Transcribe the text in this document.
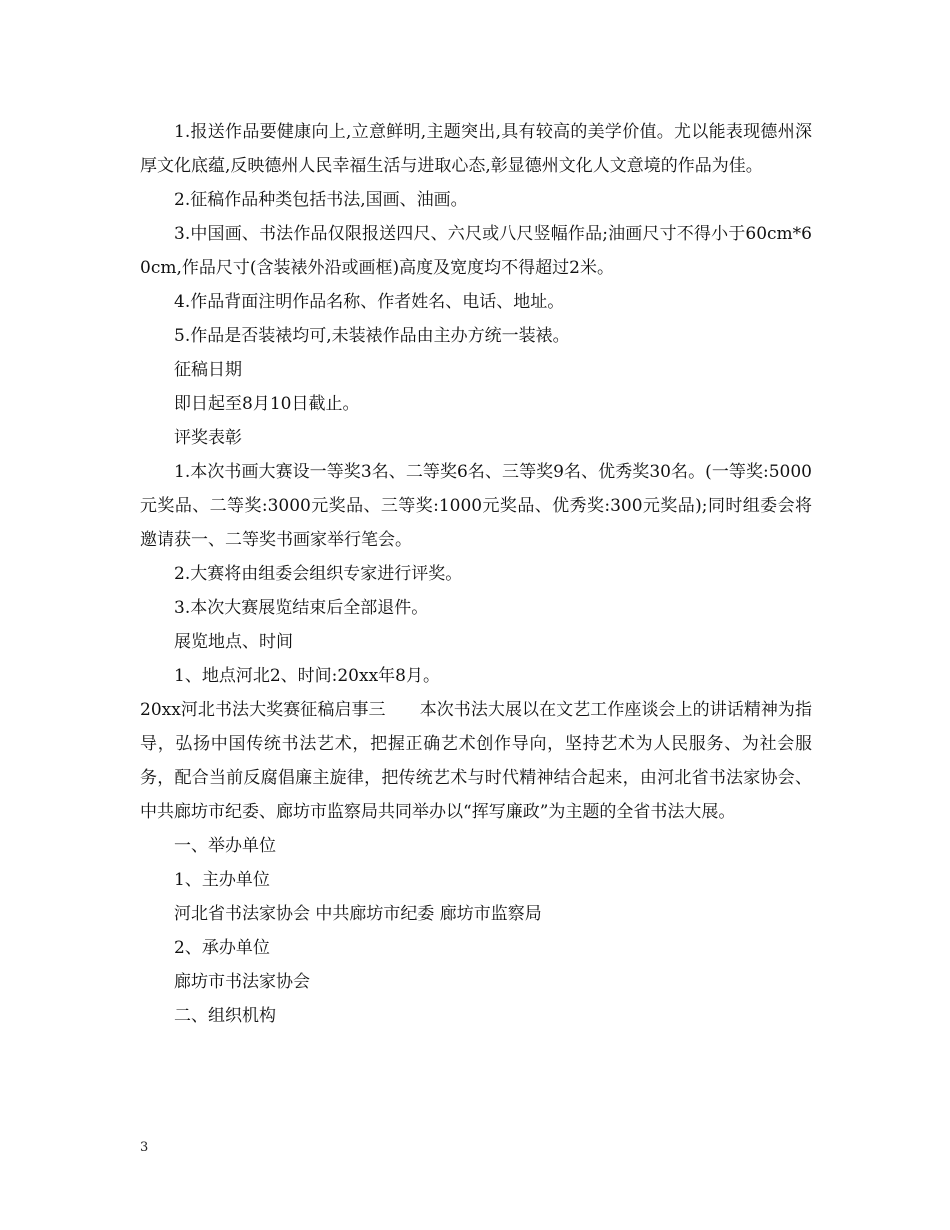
1.报送作品要健康向上,立意鲜明,主题突出,具有较高的美学价值。尤以能表现德州深厚文化底蕴,反映德州人民幸福生活与进取心态,彰显德州文化人文意境的作品为佳。

2.征稿作品种类包括书法,国画、油画。

3.中国画、书法作品仅限报送四尺、六尺或八尺竖幅作品;油画尺寸不得小于60cm*60cm,作品尺寸(含装裱外沿或画框)高度及宽度均不得超过2米。

4.作品背面注明作品名称、作者姓名、电话、地址。

5.作品是否装裱均可,未装裱作品由主办方统一装裱。

征稿日期

即日起至8月10日截止。

评奖表彰

1.本次书画大赛设一等奖3名、二等奖6名、三等奖9名、优秀奖30名。(一等奖:5000元奖品、二等奖:3000元奖品、三等奖:1000元奖品、优秀奖:300元奖品);同时组委会将邀请获一、二等奖书画家举行笔会。

2.大赛将由组委会组织专家进行评奖。

3.本次大赛展览结束后全部退件。

展览地点、时间

1、地点河北2、时间:20xx年8月。

20xx河北书法大奖赛征稿启事三　　本次书法大展以在文艺工作座谈会上的讲话精神为指导，弘扬中国传统书法艺术，把握正确艺术创作导向，坚持艺术为人民服务、为社会服务，配合当前反腐倡廉主旋律，把传统艺术与时代精神结合起来，由河北省书法家协会、中共廊坊市纪委、廊坊市监察局共同举办以“挥写廉政”为主题的全省书法大展。

一、举办单位

1、主办单位

河北省书法家协会 中共廊坊市纪委 廊坊市监察局

2、承办单位

廊坊市书法家协会

二、组织机构

3
